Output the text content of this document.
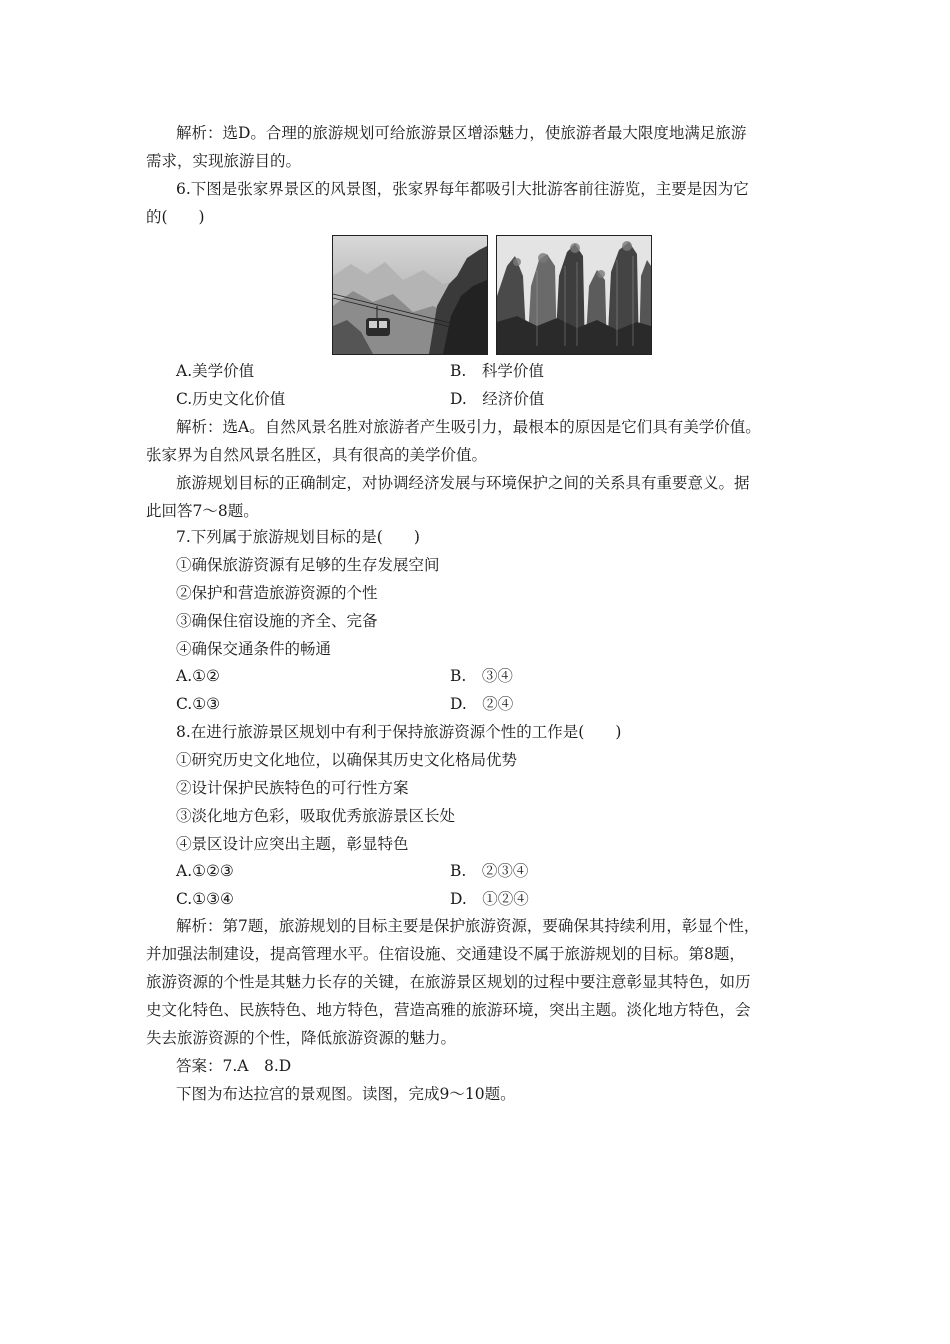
解析：选D。合理的旅游规划可给旅游景区增添魅力，使旅游者最大限度地满足旅游
需求，实现旅游目的。
6.下图是张家界景区的风景图，张家界每年都吸引大批游客前往游览，主要是因为它
的(　　)
A.美学价值	B.　科学价值
C.历史文化价值	D.　经济价值
解析：选A。自然风景名胜对旅游者产生吸引力，最根本的原因是它们具有美学价值。
张家界为自然风景名胜区，具有很高的美学价值。
旅游规划目标的正确制定，对协调经济发展与环境保护之间的关系具有重要意义。据
此回答7～8题。
7.下列属于旅游规划目标的是(　　)
①确保旅游资源有足够的生存发展空间
②保护和营造旅游资源的个性
③确保住宿设施的齐全、完备
④确保交通条件的畅通
A.①②	B.　③④
C.①③	D.　②④
8.在进行旅游景区规划中有利于保持旅游资源个性的工作是(　　)
①研究历史文化地位，以确保其历史文化格局优势
②设计保护民族特色的可行性方案
③淡化地方色彩，吸取优秀旅游景区长处
④景区设计应突出主题，彰显特色
A.①②③	B.　②③④
C.①③④	D.　①②④
解析：第7题，旅游规划的目标主要是保护旅游资源，要确保其持续利用，彰显个性，
并加强法制建设，提高管理水平。住宿设施、交通建设不属于旅游规划的目标。第8题，
旅游资源的个性是其魅力长存的关键，在旅游景区规划的过程中要注意彰显其特色，如历
史文化特色、民族特色、地方特色，营造高雅的旅游环境，突出主题。淡化地方特色，会
失去旅游资源的个性，降低旅游资源的魅力。
答案：7.A　8.D
下图为布达拉宫的景观图。读图，完成9～10题。
